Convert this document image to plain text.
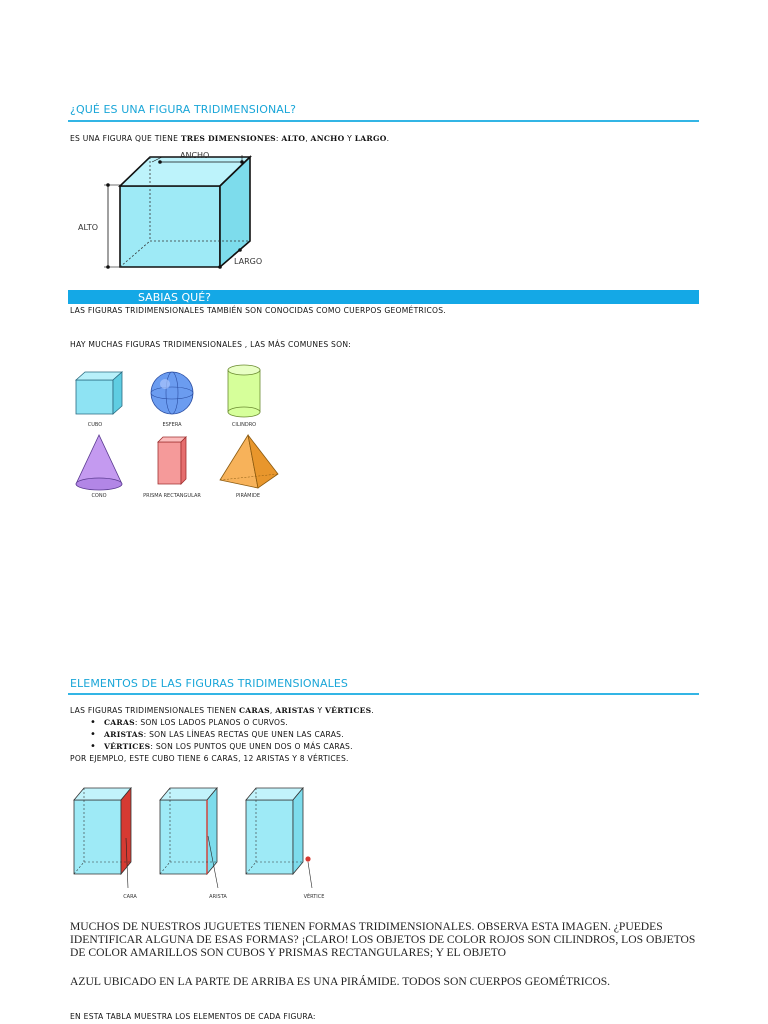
¿QUÉ ES UNA FIGURA TRIDIMENSIONAL?
ES UNA FIGURA QUE TIENE TRES DIMENSIONES: ALTO, ANCHO Y LARGO.
ANCHO
ALTO
LARGO
SABIAS QUÉ?
LAS FIGURAS TRIDIMENSIONALES TAMBIÉN SON CONOCIDAS COMO CUERPOS GEOMÉTRICOS.
HAY MUCHAS FIGURAS TRIDIMENSIONALES , LAS MÁS COMUNES SON:
CUBO	ESFERA	CILINDRO
CONO	PRISMA RECTANGULAR	PIRÁMIDE
ELEMENTOS DE LAS FIGURAS TRIDIMENSIONALES
LAS FIGURAS TRIDIMENSIONALES TIENEN CARAS, ARISTAS Y VÉRTICES.
• CARAS: SON LOS LADOS PLANOS O CURVOS.
• ARISTAS: SON LAS LÍNEAS RECTAS QUE UNEN LAS CARAS.
• VÉRTICES: SON LOS PUNTOS QUE UNEN DOS O MÁS CARAS.
POR EJEMPLO, ESTE CUBO TIENE 6 CARAS, 12 ARISTAS Y 8 VÉRTICES.
CARA	ARISTA	VÉRTICE
MUCHOS DE NUESTROS JUGUETES TIENEN FORMAS TRIDIMENSIONALES. OBSERVA ESTA IMAGEN. ¿PUEDES IDENTIFICAR ALGUNA DE ESAS FORMAS? ¡CLARO! LOS OBJETOS DE COLOR ROJOS SON CILINDROS, LOS OBJETOS DE COLOR AMARILLOS SON CUBOS Y PRISMAS RECTANGULARES; Y EL OBJETO
AZUL UBICADO EN LA PARTE DE ARRIBA ES UNA PIRÁMIDE. TODOS SON CUERPOS GEOMÉTRICOS.
EN ESTA TABLA MUESTRA LOS ELEMENTOS DE CADA FIGURA:
